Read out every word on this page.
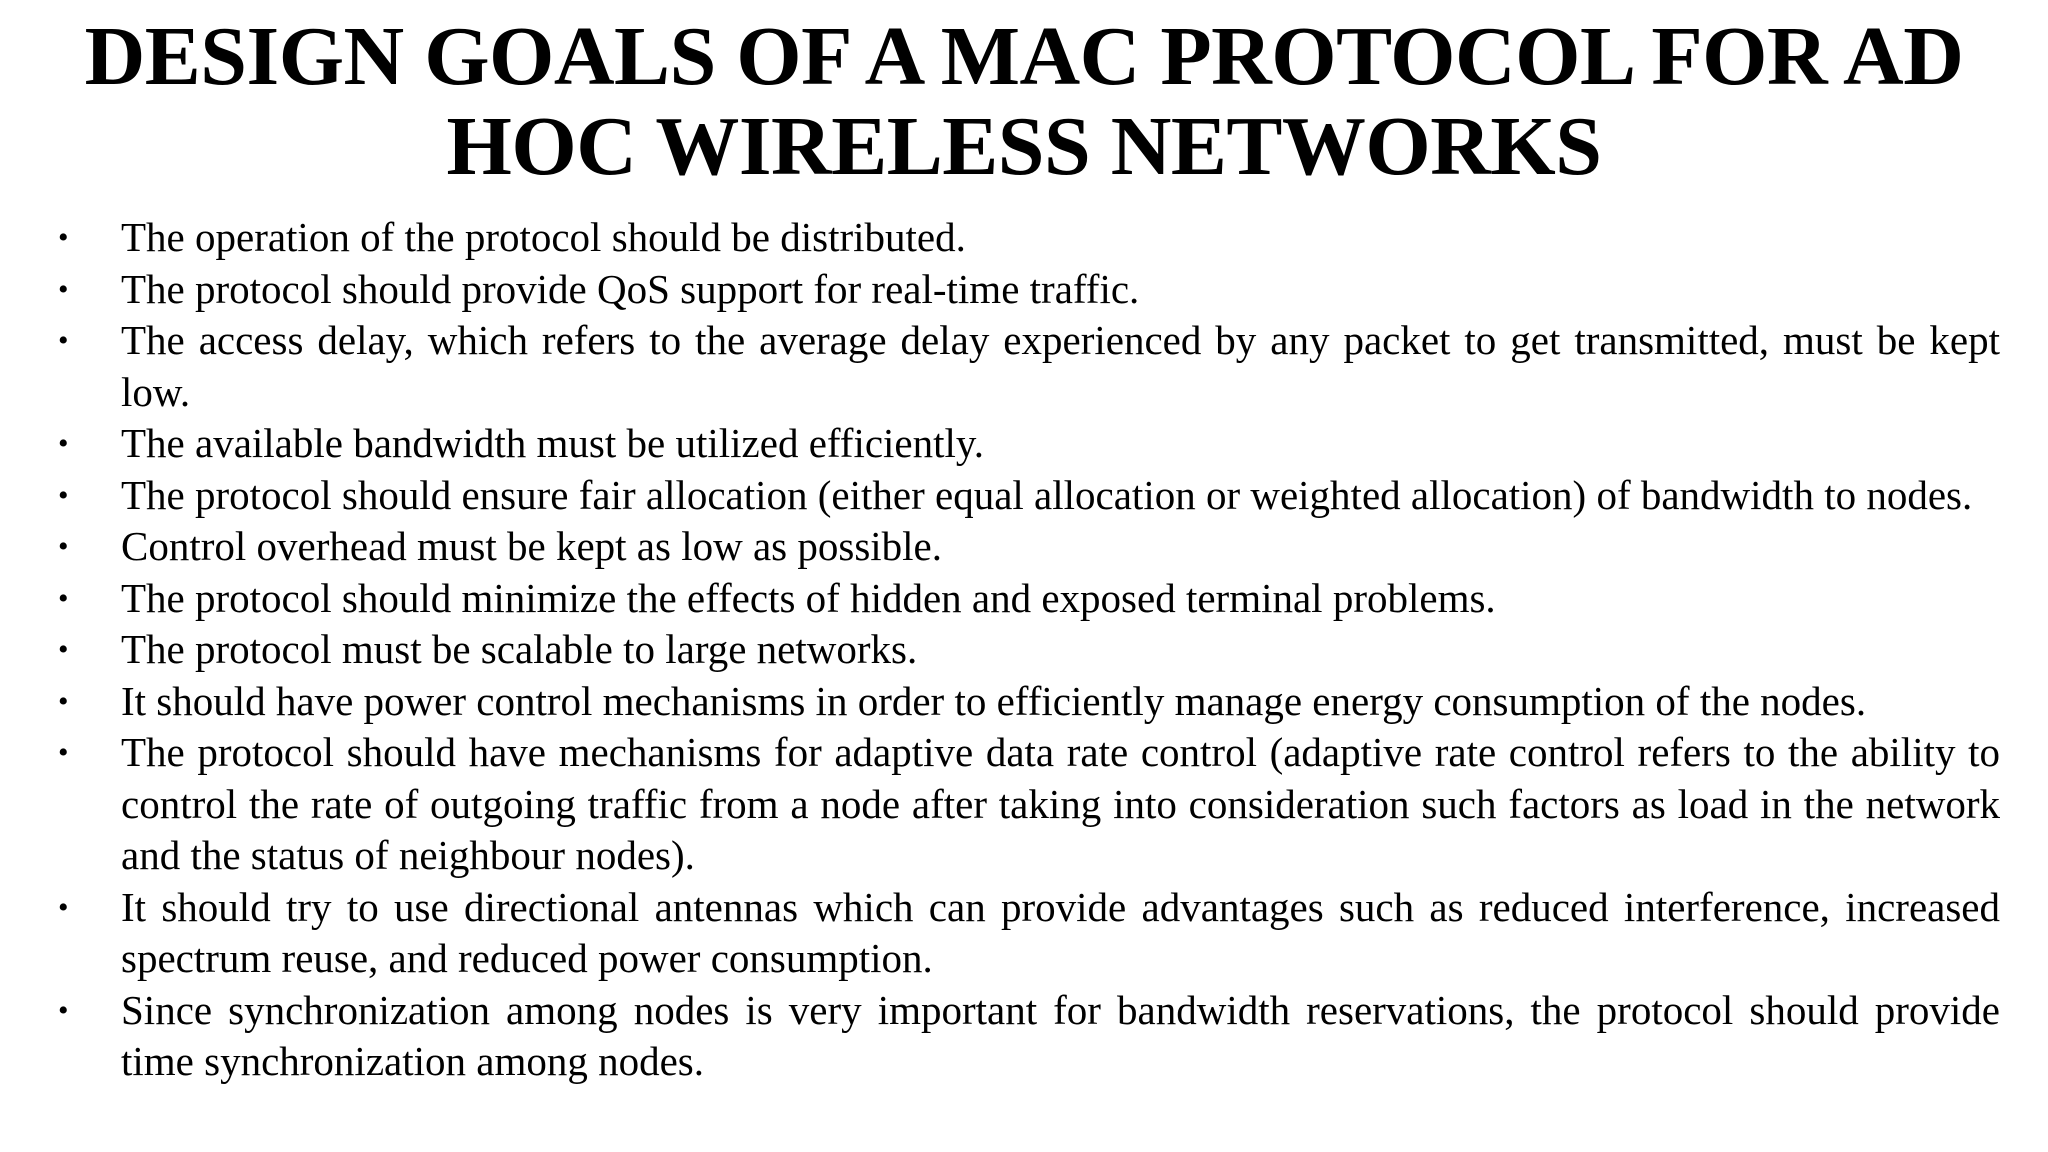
DESIGN GOALS OF A MAC PROTOCOL FOR AD HOC WIRELESS NETWORKS
•	The operation of the protocol should be distributed.
•	The protocol should provide QoS support for real-time traffic.
•	The access delay, which refers to the average delay experienced by any packet to get transmitted, must be kept low.
•	The available bandwidth must be utilized efficiently.
•	The protocol should ensure fair allocation (either equal allocation or weighted allocation) of bandwidth to nodes.
•	Control overhead must be kept as low as possible.
•	The protocol should minimize the effects of hidden and exposed terminal problems.
•	The protocol must be scalable to large networks.
•	It should have power control mechanisms in order to efficiently manage energy consumption of the nodes.
•	The protocol should have mechanisms for adaptive data rate control (adaptive rate control refers to the ability to control the rate of outgoing traffic from a node after taking into consideration such factors as load in the network and the status of neighbour nodes).
•	It should try to use directional antennas which can provide advantages such as reduced interference, increased spectrum reuse, and reduced power consumption.
•	Since synchronization among nodes is very important for bandwidth reservations, the protocol should provide time synchronization among nodes.
